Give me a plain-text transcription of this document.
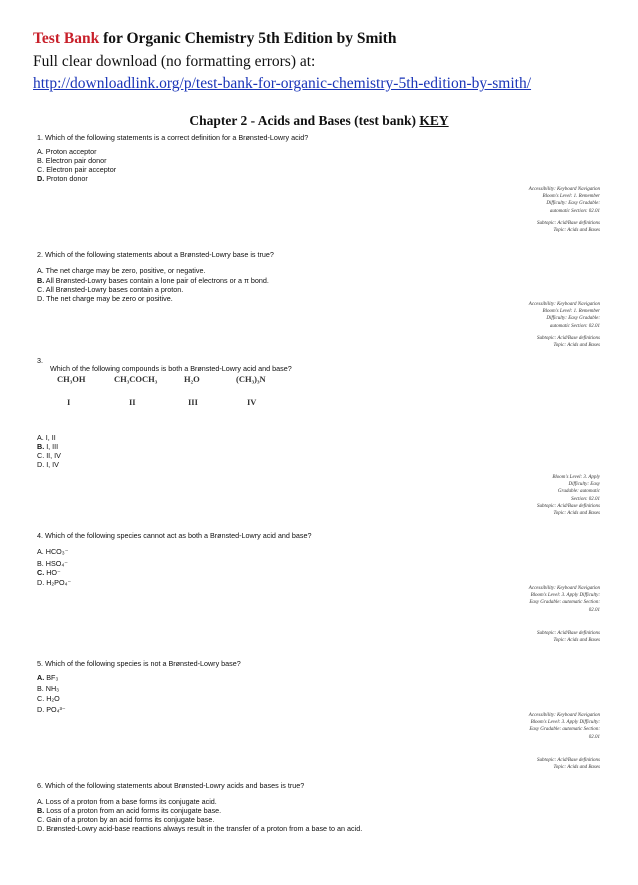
Test Bank for Organic Chemistry 5th Edition by Smith
Full clear download (no formatting errors) at:
http://downloadlink.org/p/test-bank-for-organic-chemistry-5th-edition-by-smith/
Chapter 2 - Acids and Bases (test bank) KEY
1. Which of the following statements is a correct definition for a Brønsted-Lowry acid?
A. Proton acceptor
B. Electron pair donor
C. Electron pair acceptor
D. Proton donor
Accessibility: Keyboard Navigation
Bloom's Level: 1. Remember
Difficulty: Easy Gradable:
automatic Section: 02.01
Subtopic: Acid/Base definitions
Topic: Acids and Bases
2. Which of the following statements about a Brønsted-Lowry base is true?
A. The net charge may be zero, positive, or negative.
B. All Brønsted-Lowry bases contain a lone pair of electrons or a π bond.
C. All Brønsted-Lowry bases contain a proton.
D. The net charge may be zero or positive.
Accessibility: Keyboard Navigation
Bloom's Level: 1. Remember
Difficulty: Easy Gradable:
automatic Section: 02.01
Subtopic: Acid/Base definitions
Topic: Acids and Bases
3.
Which of the following compounds is both a Brønsted-Lowry acid and base?
CH₃OH	CH₃COCH₃	H₂O	(CH₃)₃N
I	II	III	IV
A. I, II
B. I, III
C. II, IV
D. I, IV
Bloom's Level: 3. Apply
Difficulty: Easy
Gradable: automatic
Section: 02.01
Subtopic: Acid/Base definitions
Topic: Acids and Bases
4. Which of the following species cannot act as both a Brønsted-Lowry acid and base?
A. HCO₃⁻
B. HSO₄⁻
C. HO⁻
D. H₂PO₄⁻
Accessibility: Keyboard Navigation
Bloom's Level: 3. Apply Difficulty:
Easy Gradable: automatic Section:
02.01
Subtopic: Acid/Base definitions
Topic: Acids and Bases
5. Which of the following species is not a Brønsted-Lowry base?
A. BF₃
B. NH₃
C. H₂O
D. PO₄³⁻
Accessibility: Keyboard Navigation
Bloom's Level: 3. Apply Difficulty:
Easy Gradable: automatic Section:
02.01
Subtopic: Acid/Base definitions
Topic: Acids and Bases
6. Which of the following statements about Brønsted-Lowry acids and bases is true?
A. Loss of a proton from a base forms its conjugate acid.
B. Loss of a proton from an acid forms its conjugate base.
C. Gain of a proton by an acid forms its conjugate base.
D. Brønsted-Lowry acid-base reactions always result in the transfer of a proton from a base to an acid.
